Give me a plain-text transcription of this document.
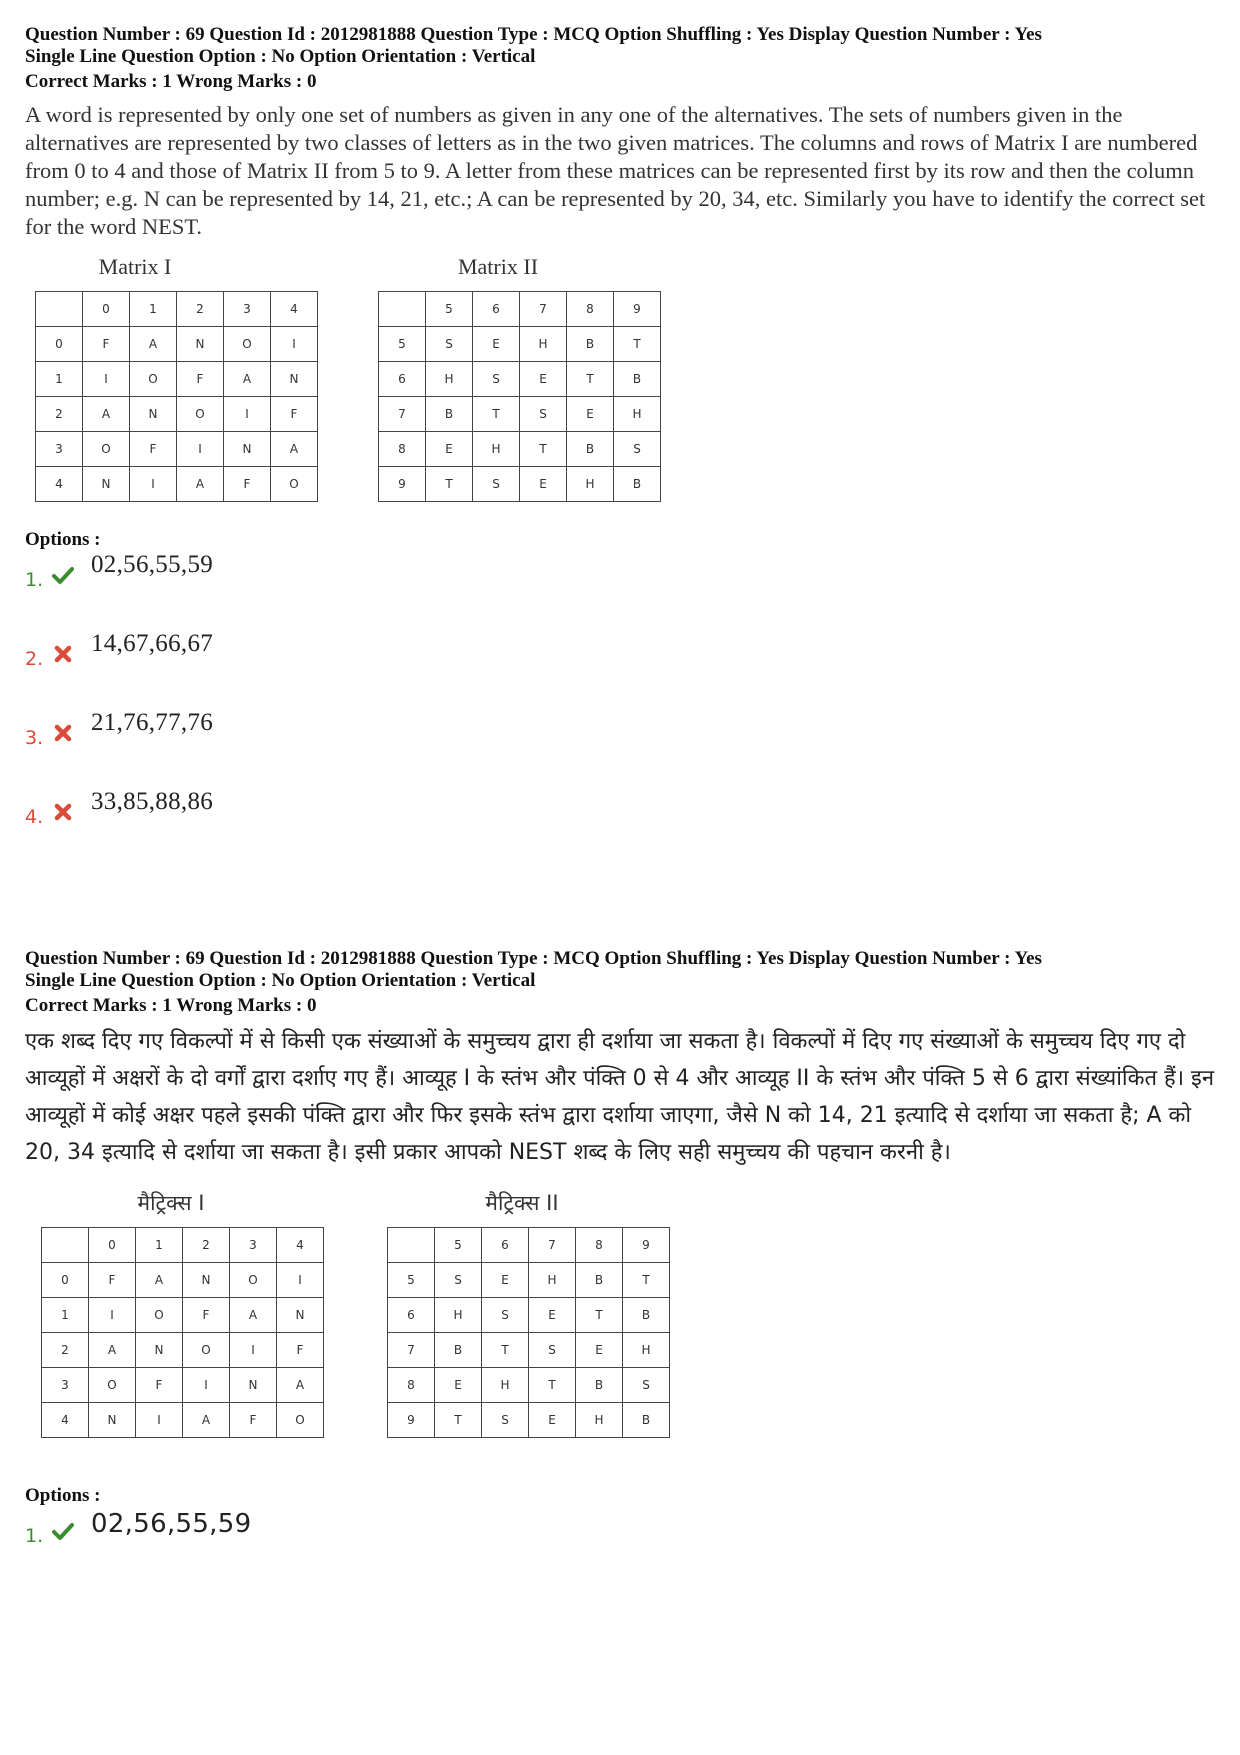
Question Number : 69 Question Id : 2012981888 Question Type : MCQ Option Shuffling : Yes Display Question Number : Yes
Single Line Question Option : No Option Orientation : Vertical
Correct Marks : 1 Wrong Marks : 0
A word is represented by only one set of numbers as given in any one of the alternatives. The sets of numbers given in the alternatives are represented by two classes of letters as in the two given matrices. The columns and rows of Matrix I are numbered from 0 to 4 and those of Matrix II from 5 to 9. A letter from these matrices can be represented first by its row and then the column number; e.g. N can be represented by 14, 21, etc.; A can be represented by 20, 34, etc. Similarly you have to identify the correct set for the word NEST.
Matrix I
	0	1	2	3	4
0	F	A	N	O	I
1	I	O	F	A	N
2	A	N	O	I	F
3	O	F	I	N	A
4	N	I	A	F	O
Matrix II
	5	6	7	8	9
5	S	E	H	B	T
6	H	S	E	T	B
7	B	T	S	E	H
8	E	H	T	B	S
9	T	S	E	H	B
Options :
1.
02,56,55,59
2.
14,67,66,67
3.
21,76,77,76
4.
33,85,88,86
Question Number : 69 Question Id : 2012981888 Question Type : MCQ Option Shuffling : Yes Display Question Number : Yes
Single Line Question Option : No Option Orientation : Vertical
Correct Marks : 1 Wrong Marks : 0
एक शब्द दिए गए विकल्पों में से किसी एक संख्याओं के समुच्चय द्वारा ही दर्शाया जा सकता है। विकल्पों में दिए गए संख्याओं के समुच्चय दिए गए दो आव्यूहों में अक्षरों के दो वर्गों द्वारा दर्शाए गए हैं। आव्यूह I के स्तंभ और पंक्ति 0 से 4 और आव्यूह II के स्तंभ और पंक्ति 5 से 6 द्वारा संख्यांकित हैं। इन आव्यूहों में कोई अक्षर पहले इसकी पंक्ति द्वारा और फिर इसके स्तंभ द्वारा दर्शाया जाएगा, जैसे N को 14, 21 इत्यादि से दर्शाया जा सकता है; A को 20, 34 इत्यादि से दर्शाया जा सकता है। इसी प्रकार आपको NEST शब्द के लिए सही समुच्चय की पहचान करनी है।
मैट्रिक्स I
	0	1	2	3	4
0	F	A	N	O	I
1	I	O	F	A	N
2	A	N	O	I	F
3	O	F	I	N	A
4	N	I	A	F	O
मैट्रिक्स II
	5	6	7	8	9
5	S	E	H	B	T
6	H	S	E	T	B
7	B	T	S	E	H
8	E	H	T	B	S
9	T	S	E	H	B
Options :
1. 02,56,55,59
